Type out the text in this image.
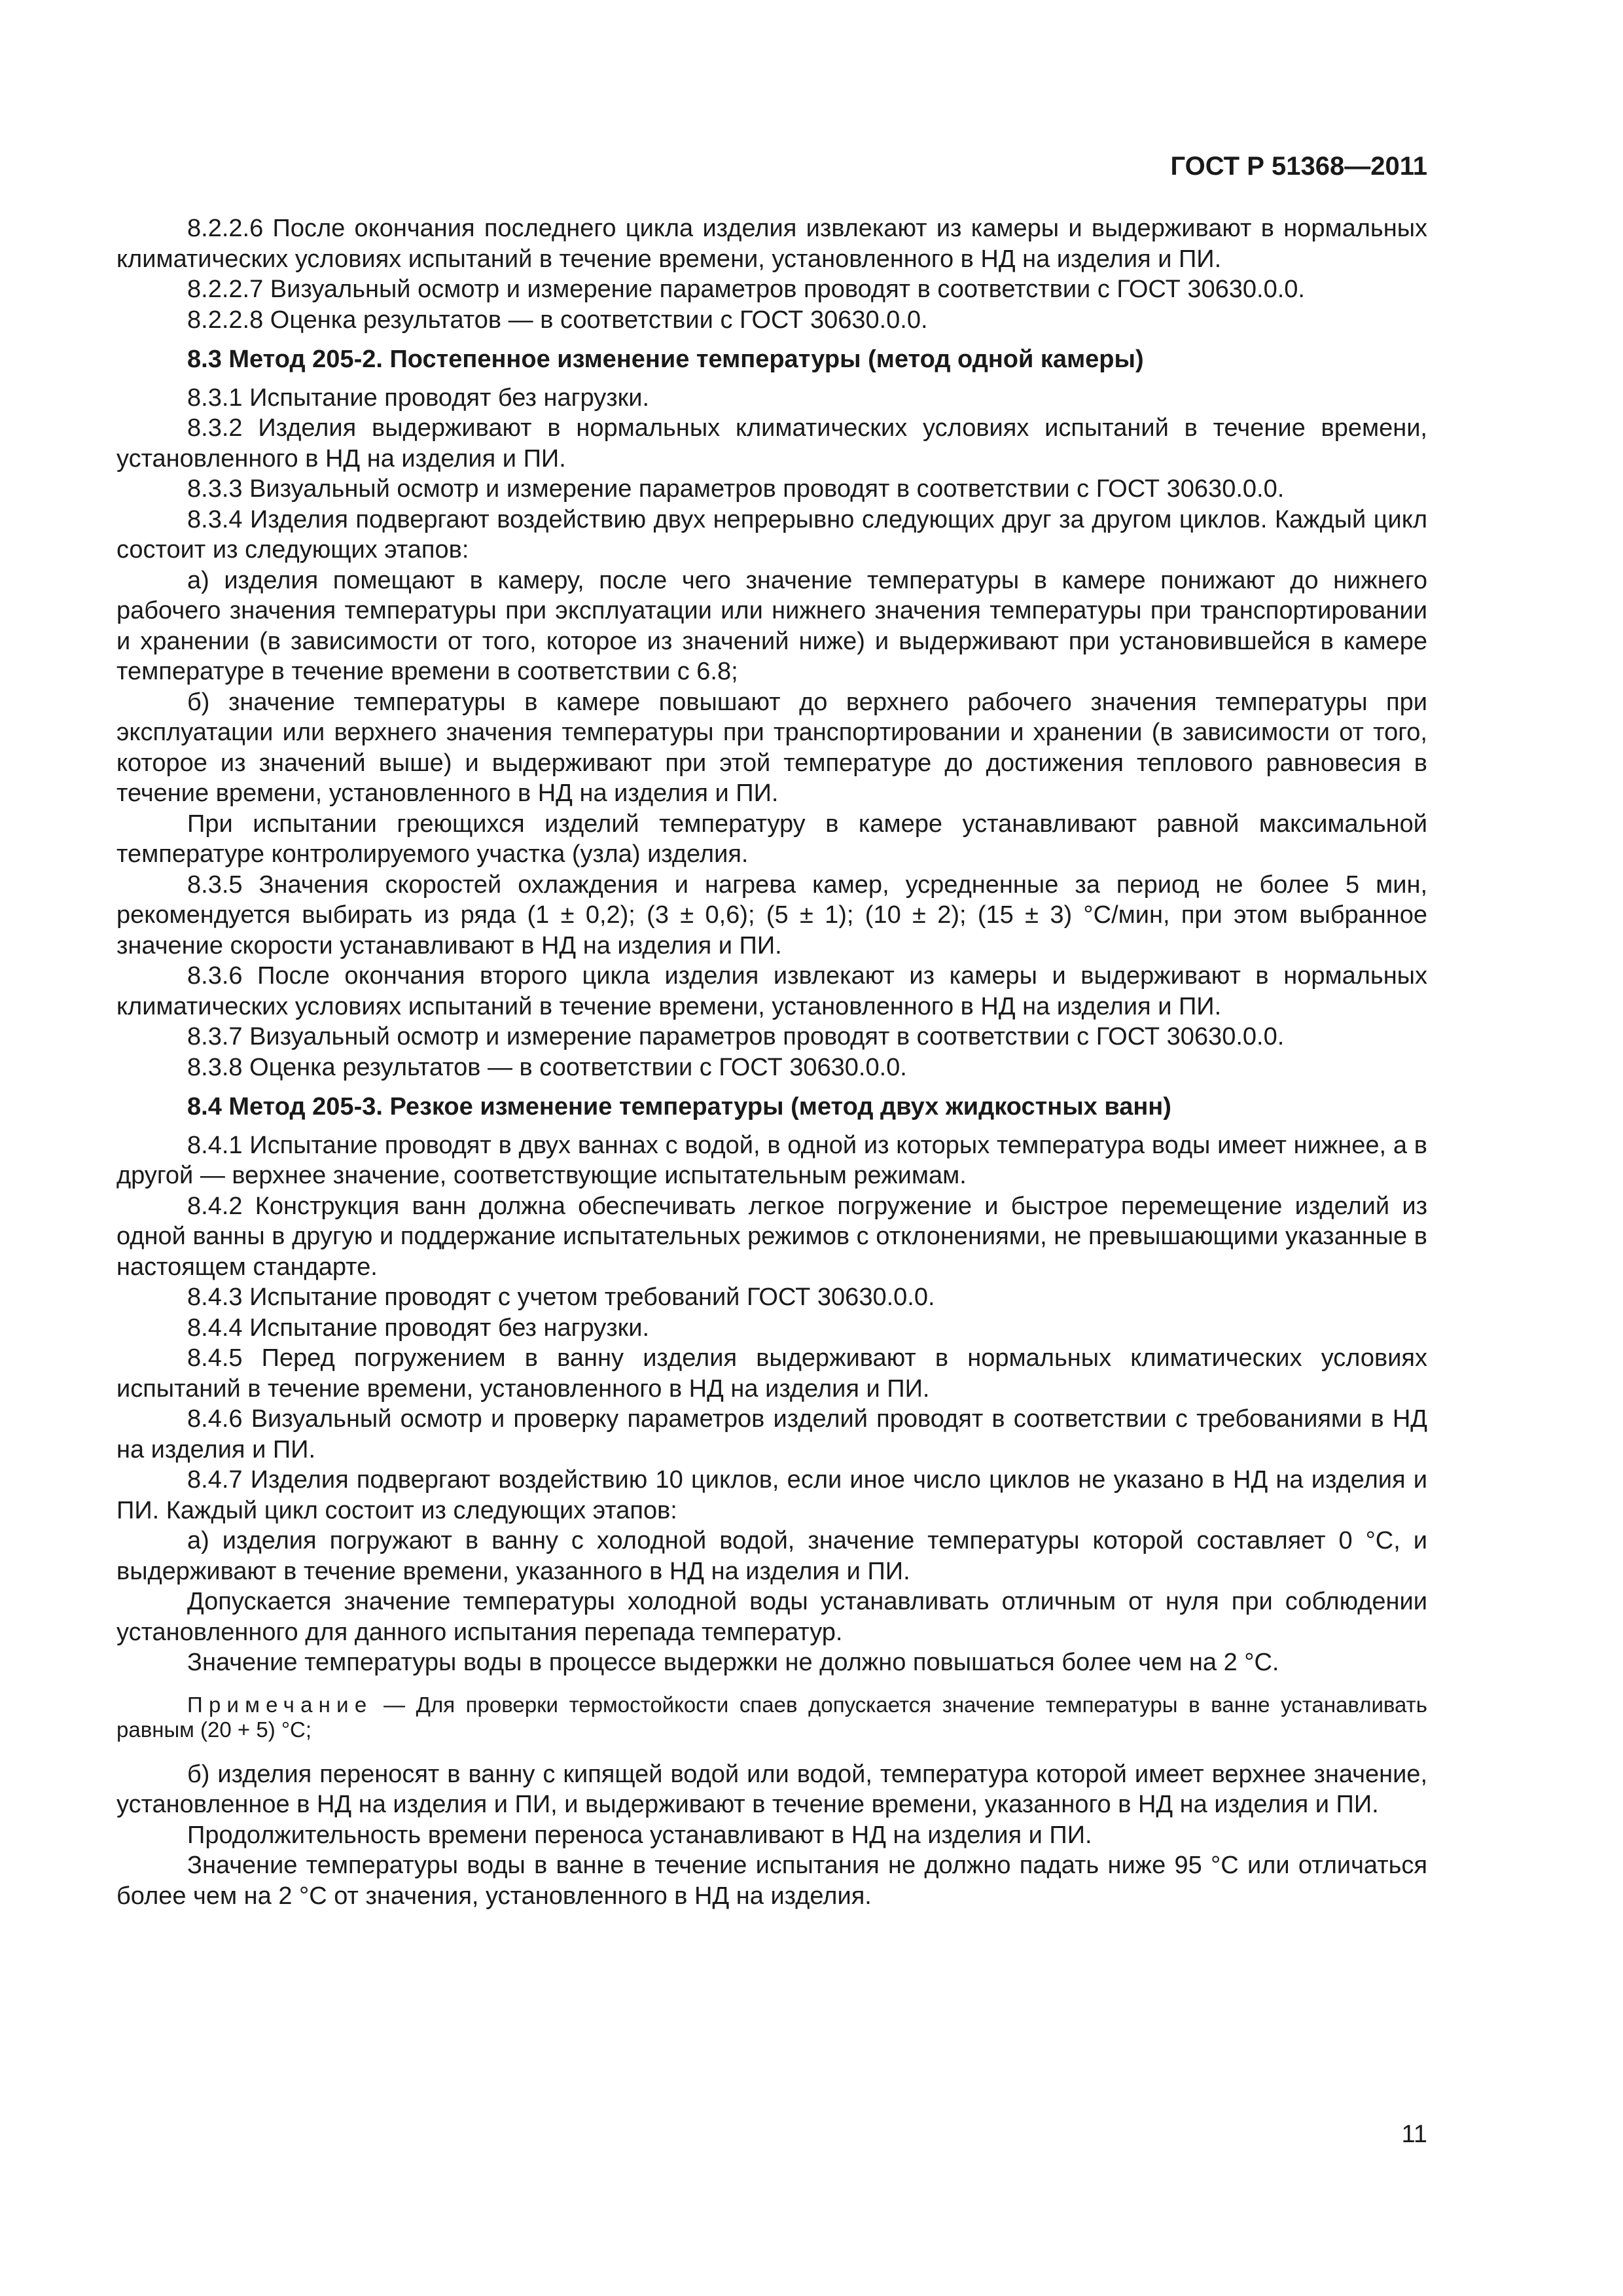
ГОСТ Р 51368—2011

8.2.2.6 После окончания последнего цикла изделия извлекают из камеры и выдерживают в нормальных климатических условиях испытаний в течение времени, установленного в НД на изделия и ПИ.

8.2.2.7 Визуальный осмотр и измерение параметров проводят в соответствии с ГОСТ 30630.0.0.

8.2.2.8 Оценка результатов — в соответствии с ГОСТ 30630.0.0.

8.3 Метод 205-2. Постепенное изменение температуры (метод одной камеры)

8.3.1 Испытание проводят без нагрузки.

8.3.2 Изделия выдерживают в нормальных климатических условиях испытаний в течение времени, установленного в НД на изделия и ПИ.

8.3.3 Визуальный осмотр и измерение параметров проводят в соответствии с ГОСТ 30630.0.0.

8.3.4 Изделия подвергают воздействию двух непрерывно следующих друг за другом циклов. Каждый цикл состоит из следующих этапов:

а) изделия помещают в камеру, после чего значение температуры в камере понижают до нижнего рабочего значения температуры при эксплуатации или нижнего значения температуры при транспортировании и хранении (в зависимости от того, которое из значений ниже) и выдерживают при установившейся в камере температуре в течение времени в соответствии с 6.8;

б) значение температуры в камере повышают до верхнего рабочего значения температуры при эксплуатации или верхнего значения температуры при транспортировании и хранении (в зависимости от того, которое из значений выше) и выдерживают при этой температуре до достижения теплового равновесия в течение времени, установленного в НД на изделия и ПИ.

При испытании греющихся изделий температуру в камере устанавливают равной максимальной температуре контролируемого участка (узла) изделия.

8.3.5 Значения скоростей охлаждения и нагрева камер, усредненные за период не более 5 мин, рекомендуется выбирать из ряда (1 ± 0,2); (3 ± 0,6); (5 ± 1); (10 ± 2); (15 ± 3) °С/мин, при этом выбранное значение скорости устанавливают в НД на изделия и ПИ.

8.3.6 После окончания второго цикла изделия извлекают из камеры и выдерживают в нормальных климатических условиях испытаний в течение времени, установленного в НД на изделия и ПИ.

8.3.7 Визуальный осмотр и измерение параметров проводят в соответствии с ГОСТ 30630.0.0.

8.3.8 Оценка результатов — в соответствии с ГОСТ 30630.0.0.

8.4 Метод 205-3. Резкое изменение температуры (метод двух жидкостных ванн)

8.4.1 Испытание проводят в двух ваннах с водой, в одной из которых температура воды имеет нижнее, а в другой — верхнее значение, соответствующие испытательным режимам.

8.4.2 Конструкция ванн должна обеспечивать легкое погружение и быстрое перемещение изделий из одной ванны в другую и поддержание испытательных режимов с отклонениями, не превышающими указанные в настоящем стандарте.

8.4.3 Испытание проводят с учетом требований ГОСТ 30630.0.0.

8.4.4 Испытание проводят без нагрузки.

8.4.5 Перед погружением в ванну изделия выдерживают в нормальных климатических условиях испытаний в течение времени, установленного в НД на изделия и ПИ.

8.4.6 Визуальный осмотр и проверку параметров изделий проводят в соответствии с требованиями в НД на изделия и ПИ.

8.4.7 Изделия подвергают воздействию 10 циклов, если иное число циклов не указано в НД на изделия и ПИ. Каждый цикл состоит из следующих этапов:

а) изделия погружают в ванну с холодной водой, значение температуры которой составляет 0 °С, и выдерживают в течение времени, указанного в НД на изделия и ПИ.

Допускается значение температуры холодной воды устанавливать отличным от нуля при соблюдении установленного для данного испытания перепада температур.

Значение температуры воды в процессе выдержки не должно повышаться более чем на 2 °С.

Примечание — Для проверки термостойкости спаев допускается значение температуры в ванне устанавливать равным (20 + 5) °С;

б) изделия переносят в ванну с кипящей водой или водой, температура которой имеет верхнее значение, установленное в НД на изделия и ПИ, и выдерживают в течение времени, указанного в НД на изделия и ПИ.

Продолжительность времени переноса устанавливают в НД на изделия и ПИ.

Значение температуры воды в ванне в течение испытания не должно падать ниже 95 °С или отличаться более чем на 2 °С от значения, установленного в НД на изделия.

11
